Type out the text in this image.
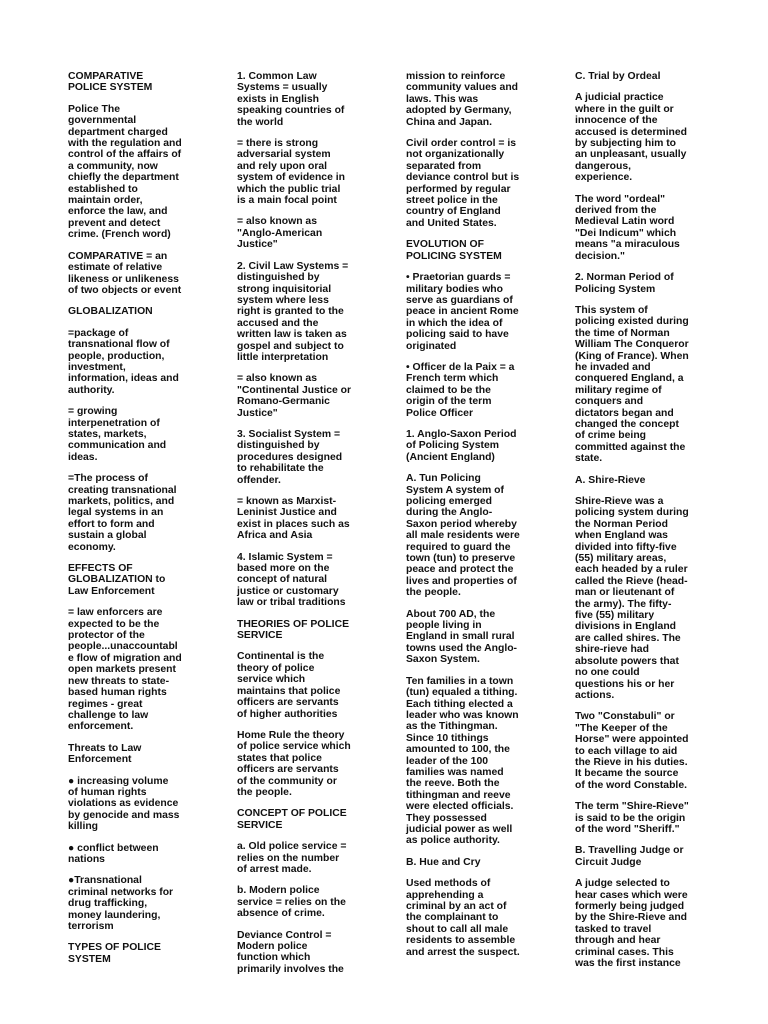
COMPARATIVE
POLICE SYSTEM

Police The
governmental
department charged
with the regulation and
control of the affairs of
a community, now
chiefly the department
established to
maintain order,
enforce the law, and
prevent and detect
crime. (French word)

COMPARATIVE = an
estimate of relative
likeness or unlikeness
of two objects or event

GLOBALIZATION

=package of
transnational flow of
people, production,
investment,
information, ideas and
authority.

= growing
interpenetration of
states, markets,
communication and
ideas.

=The process of
creating transnational
markets, politics, and
legal systems in an
effort to form and
sustain a global
economy.

EFFECTS OF
GLOBALIZATION to
Law Enforcement

= law enforcers are
expected to be the
protector of the
people...unaccountabl
e flow of migration and
open markets present
new threats to state-
based human rights
regimes - great
challenge to law
enforcement.

Threats to Law
Enforcement

● increasing volume
of human rights
violations as evidence
by genocide and mass
killing

● conflict between
nations

●Transnational
criminal networks for
drug trafficking,
money laundering,
terrorism

TYPES OF POLICE
SYSTEM

1. Common Law
Systems = usually
exists in English
speaking countries of
the world

= there is strong
adversarial system
and rely upon oral
system of evidence in
which the public trial
is a main focal point

= also known as
"Anglo-American
Justice"

2. Civil Law Systems =
distinguished by
strong inquisitorial
system where less
right is granted to the
accused and the
written law is taken as
gospel and subject to
little interpretation

= also known as
"Continental Justice or
Romano-Germanic
Justice"

3. Socialist System =
distinguished by
procedures designed
to rehabilitate the
offender.

= known as Marxist-
Leninist Justice and
exist in places such as
Africa and Asia

4. Islamic System =
based more on the
concept of natural
justice or customary
law or tribal traditions

THEORIES OF POLICE
SERVICE

Continental is the
theory of police
service which
maintains that police
officers are servants
of higher authorities

Home Rule the theory
of police service which
states that police
officers are servants
of the community or
the people.

CONCEPT OF POLICE
SERVICE

a. Old police service =
relies on the number
of arrest made.

b. Modern police
service = relies on the
absence of crime.

Deviance Control =
Modern police
function which
primarily involves the

mission to reinforce
community values and
laws. This was
adopted by Germany,
China and Japan.

Civil order control = is
not organizationally
separated from
deviance control but is
performed by regular
street police in the
country of England
and United States.

EVOLUTION OF
POLICING SYSTEM

• Praetorian guards =
military bodies who
serve as guardians of
peace in ancient Rome
in which the idea of
policing said to have
originated

• Officer de la Paix = a
French term which
claimed to be the
origin of the term
Police Officer

1. Anglo-Saxon Period
of Policing System
(Ancient England)

A. Tun Policing
System A system of
policing emerged
during the Anglo-
Saxon period whereby
all male residents were
required to guard the
town (tun) to preserve
peace and protect the
lives and properties of
the people.

About 700 AD, the
people living in
England in small rural
towns used the Anglo-
Saxon System.

Ten families in a town
(tun) equaled a tithing.
Each tithing elected a
leader who was known
as the Tithingman.
Since 10 tithings
amounted to 100, the
leader of the 100
families was named
the reeve. Both the
tithingman and reeve
were elected officials.
They possessed
judicial power as well
as police authority.

B. Hue and Cry

Used methods of
apprehending a
criminal by an act of
the complainant to
shout to call all male
residents to assemble
and arrest the suspect.

C. Trial by Ordeal

A judicial practice
where in the guilt or
innocence of the
accused is determined
by subjecting him to
an unpleasant, usually
dangerous,
experience.

The word "ordeal"
derived from the
Medieval Latin word
"Dei Indicum" which
means "a miraculous
decision."

2. Norman Period of
Policing System

This system of
policing existed during
the time of Norman
William The Conqueror
(King of France). When
he invaded and
conquered England, a
military regime of
conquers and
dictators began and
changed the concept
of crime being
committed against the
state.

A. Shire-Rieve

Shire-Rieve was a
policing system during
the Norman Period
when England was
divided into fifty-five
(55) military areas,
each headed by a ruler
called the Rieve (head-
man or lieutenant of
the army). The fifty-
five (55) military
divisions in England
are called shires. The
shire-rieve had
absolute powers that
no one could
questions his or her
actions.

Two "Constabuli" or
"The Keeper of the
Horse" were appointed
to each village to aid
the Rieve in his duties.
It became the source
of the word Constable.

The term "Shire-Rieve"
is said to be the origin
of the word "Sheriff."

B. Travelling Judge or
Circuit Judge

A judge selected to
hear cases which were
formerly being judged
by the Shire-Rieve and
tasked to travel
through and hear
criminal cases. This
was the first instance
